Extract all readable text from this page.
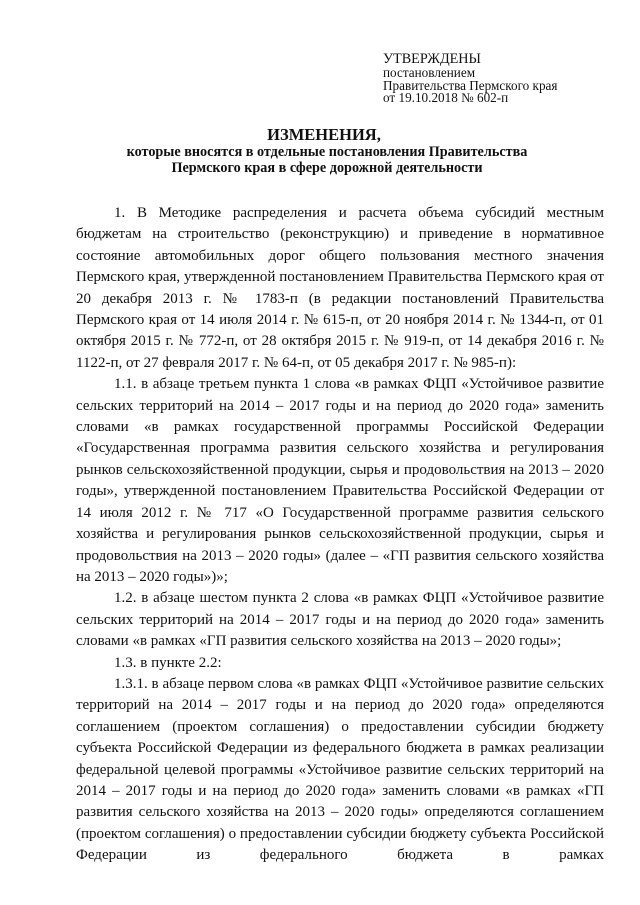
УТВЕРЖДЕНЫ
постановлением
Правительства Пермского края
от 19.10.2018 № 602-п
ИЗМЕНЕНИЯ,
которые вносятся в отдельные постановления Правительства
Пермского края в сфере дорожной деятельности

1. В Методике распределения и расчета объема субсидий местным бюджетам на строительство (реконструкцию) и приведение в нормативное состояние автомобильных дорог общего пользования местного значения Пермского края, утвержденной постановлением Правительства Пермского края от 20 декабря 2013 г. № 1783-п (в редакции постановлений Правительства Пермского края от 14 июля 2014 г. № 615-п, от 20 ноября 2014 г. № 1344-п, от 01 октября 2015 г. № 772-п, от 28 октября 2015 г. № 919-п, от 14 декабря 2016 г. № 1122-п, от 27 февраля 2017 г. № 64-п, от 05 декабря 2017 г. № 985-п):

1.1. в абзаце третьем пункта 1 слова «в рамках ФЦП «Устойчивое развитие сельских территорий на 2014 – 2017 годы и на период до 2020 года» заменить словами «в рамках государственной программы Российской Федерации «Государственная программа развития сельского хозяйства и регулирования рынков сельскохозяйственной продукции, сырья и продовольствия на 2013 – 2020 годы», утвержденной постановлением Правительства Российской Федерации от 14 июля 2012 г. № 717 «О Государственной программе развития сельского хозяйства и регулирования рынков сельскохозяйственной продукции, сырья и продовольствия на 2013 – 2020 годы» (далее – «ГП развития сельского хозяйства на 2013 – 2020 годы»)»;

1.2. в абзаце шестом пункта 2 слова «в рамках ФЦП «Устойчивое развитие сельских территорий на 2014 – 2017 годы и на период до 2020 года» заменить словами «в рамках «ГП развития сельского хозяйства на 2013 – 2020 годы»;

1.3. в пункте 2.2:

1.3.1. в абзаце первом слова «в рамках ФЦП «Устойчивое развитие сельских территорий на 2014 – 2017 годы и на период до 2020 года» определяются соглашением (проектом соглашения) о предоставлении субсидии бюджету субъекта Российской Федерации из федерального бюджета в рамках реализации федеральной целевой программы «Устойчивое развитие сельских территорий на 2014 – 2017 годы и на период до 2020 года» заменить словами «в рамках «ГП развития сельского хозяйства на 2013 – 2020 годы» определяются соглашением (проектом соглашения) о предоставлении субсидии бюджету субъекта Российской Федерации из федерального бюджета в рамках
